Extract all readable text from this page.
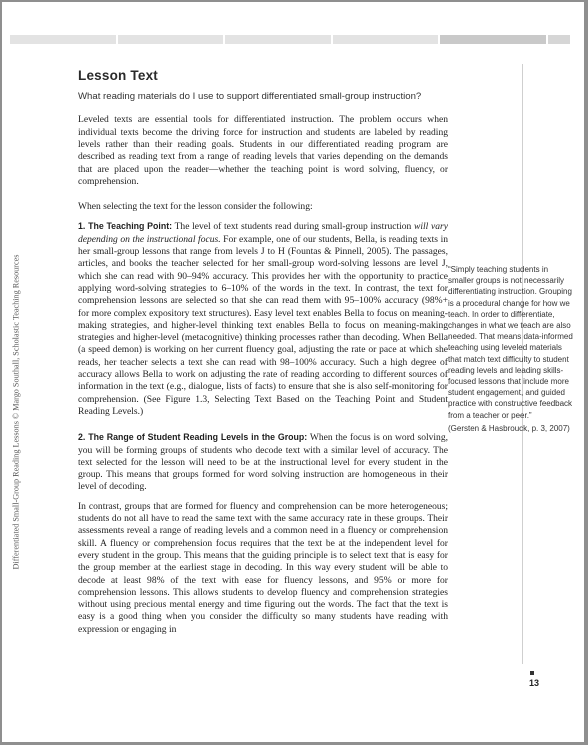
Differentiated Small-Group Reading Lessons © Margo Southall, Scholastic Teaching Resources
Lesson Text

What reading materials do I use to support differentiated small-group instruction?

Leveled texts are essential tools for differentiated instruction. The problem occurs when individual texts become the driving force for instruction and students are labeled by reading levels rather than their reading goals. Students in our differentiated reading program are described as reading text from a range of reading levels that varies depending on the demands that are placed upon the reader—whether the teaching point is word solving, fluency, or comprehension.

When selecting the text for the lesson consider the following:

1. The Teaching Point: The level of text students read during small-group instruction will vary depending on the instructional focus. For example, one of our students, Bella, is reading texts in her small-group lessons that range from levels J to H (Fountas & Pinnell, 2005). The passages, articles, and books the teacher selected for her small-group word-solving lessons are level J, which she can read with 90–94% accuracy. This provides her with the opportunity to practice applying word-solving strategies to 6–10% of the words in the text. In contrast, the text for comprehension lessons are selected so that she can read them with 95–100% accuracy (98%+ for more complex expository text structures). Easy level text enables Bella to focus on meaning-making strategies, and higher-level thinking text enables Bella to focus on meaning-making strategies and higher-level (metacognitive) thinking processes rather than decoding. When Bella (a speed demon) is working on her current fluency goal, adjusting the rate or pace at which she reads, her teacher selects a text she can read with 98–100% accuracy. Such a high degree of accuracy allows Bella to work on adjusting the rate of reading according to different sources of information in the text (e.g., dialogue, lists of facts) to ensure that she is also self-monitoring for comprehension. (See Figure 1.3, Selecting Text Based on the Teaching Point and Student Reading Levels.)

2. The Range of Student Reading Levels in the Group: When the focus is on word solving, you will be forming groups of students who decode text with a similar level of accuracy. The text selected for the lesson will need to be at the instructional level for every student in the group. This means that groups formed for word solving instruction are homogeneous in their level of decoding.

In contrast, groups that are formed for fluency and comprehension can be more heterogeneous; students do not all have to read the same text with the same accuracy rate in these groups. Their assessments reveal a range of reading levels and a common need in a fluency or comprehension skill. A fluency or comprehension focus requires that the text be at the independent level for every student in the group. This means that the guiding principle is to select text that is easy for the group member at the earliest stage in decoding. In this way every student will be able to decode at least 98% of the text with ease for fluency lessons, and 95% or more for comprehension lessons. This allows students to develop fluency and comprehension strategies without using precious mental energy and time figuring out the words. The fact that the text is easy is a good thing when you consider the difficulty so many students have reading with expression or engaging in

“Simply teaching students in smaller groups is not necessarily differentiating instruction. Grouping is a procedural change for how we teach. In order to differentiate, changes in what we teach are also needed. That means data-informed teaching using leveled materials that match text difficulty to student reading levels and leading skills-focused lessons that include more student engagement, and guided practice with constructive feedback from a teacher or peer.”

(Gersten & Hasbrouck, p. 3, 2007)

13
